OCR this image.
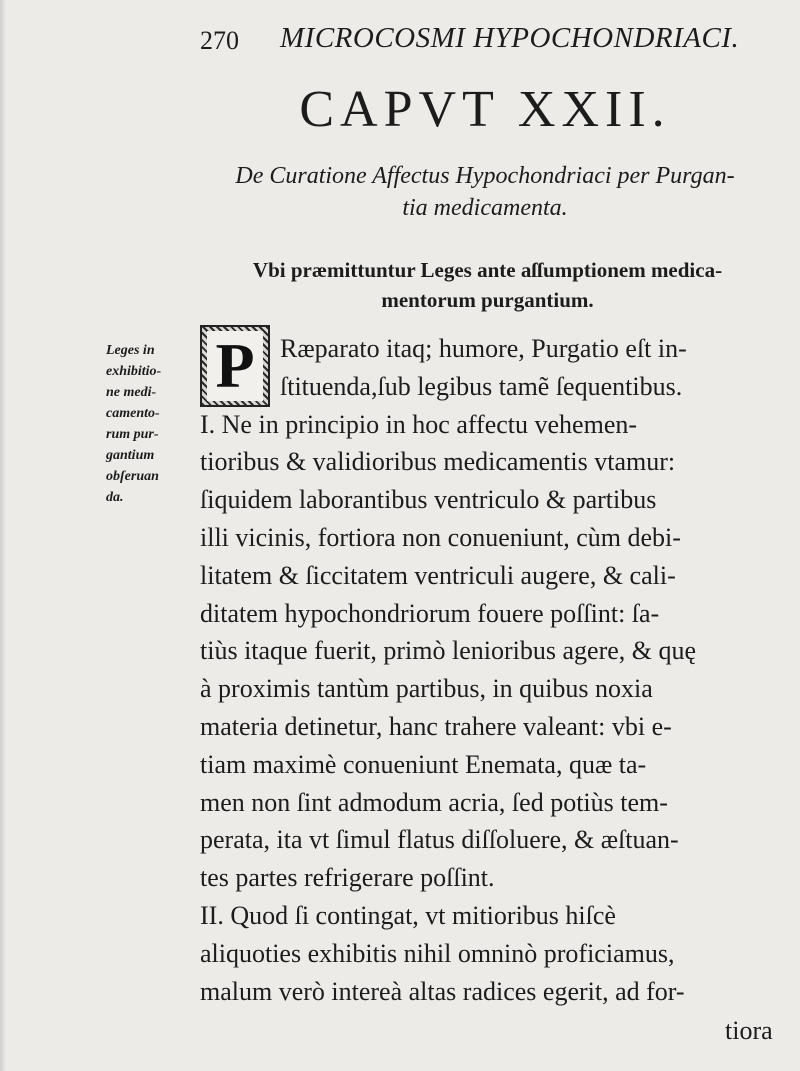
270 MICROCOSMI HYPOCHONDRIACI.
CAPVT XXII.
De Curatione Affectus Hypochondriaci per Purgan-
tia medicamenta.
Vbi præmittuntur Leges ante aſſumptionem medica-
mentorum purgantium.
Leges in
exhibitio-
ne medi-
camento-
rum pur-
gantium
obſeruan
da.
P Ræparato itaq; humore, Purgatio eſt in-
ſtituenda,ſub legibus tamẽ ſequentibus.
I. Ne in principio in hoc affectu vehemen-
tioribus & validioribus medicamentis vtamur:
ſiquidem laborantibus ventriculo & partibus
illi vicinis, fortiora non conueniunt, cùm debi-
litatem & ſiccitatem ventriculi augere, & cali-
ditatem hypochondriorum fouere poſſint: ſa-
tiùs itaque fuerit, primò lenioribus agere, & quę
à proximis tantùm partibus, in quibus noxia
materia detinetur, hanc trahere valeant: vbi e-
tiam maximè conueniunt Enemata, quæ ta-
men non ſint admodum acria, ſed potiùs tem-
perata, ita vt ſimul flatus diſſoluere, & æſtuan-
tes partes refrigerare poſſint.
II. Quod ſi contingat, vt mitioribus hiſcè
aliquoties exhibitis nihil omninò proficiamus,
malum verò intereà altas radices egerit, ad for-
tiora
